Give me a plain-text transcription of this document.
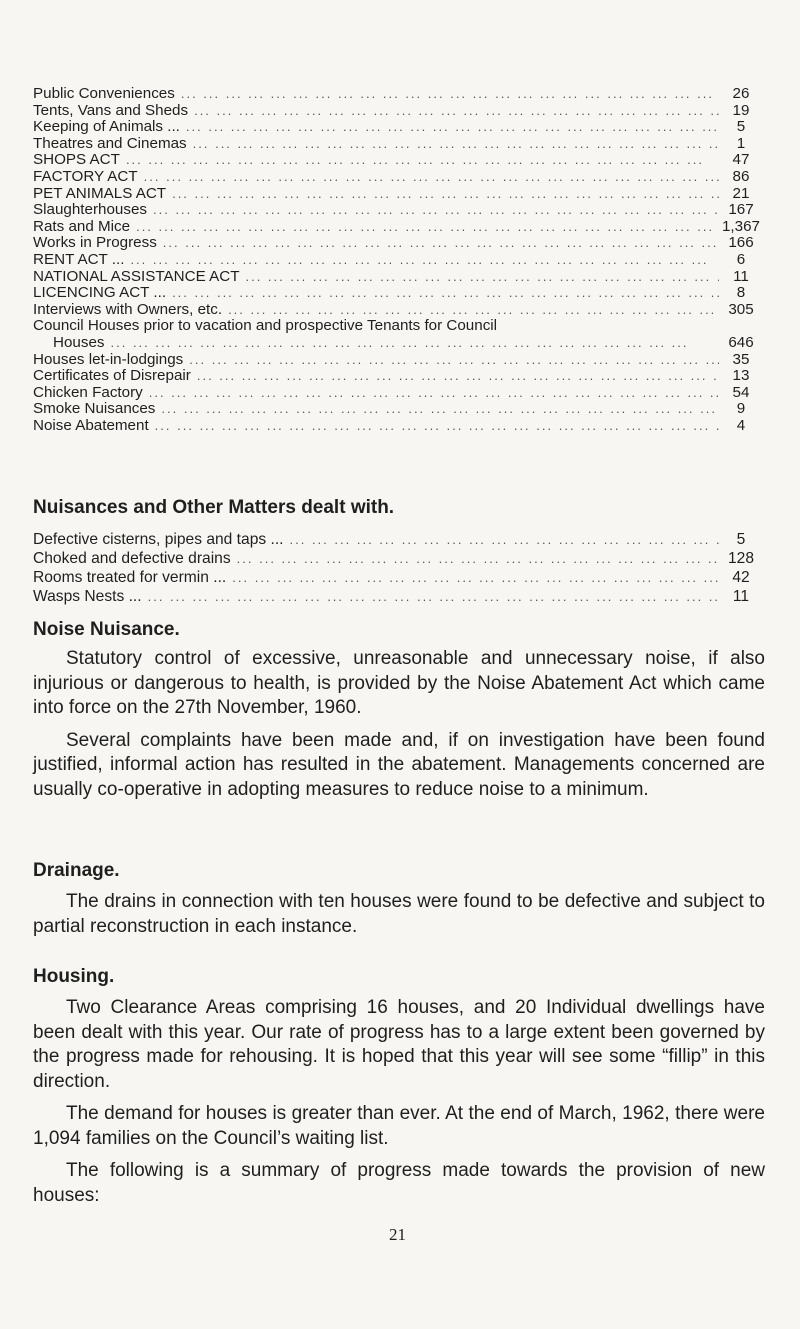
Public Conveniences ... .	26
Tents, Vans and Sheds ... .	19
Keeping of Animals ... ... .	5
Theatres and Cinemas ... .	1
SHOPS ACT ... .	47
FACTORY ACT ... .	86
PET ANIMALS ACT ... .	21
Slaughterhouses ... .	167
Rats and Mice ... .	1,367
Works in Progress ... .	166
RENT ACT ... ... .	6
NATIONAL ASSISTANCE ACT ... .	11
LICENCING ACT ... ... .	8
Interviews with Owners, etc. ... .	305
Council Houses prior to vacation and prospective Tenants for Council
Houses ... .	646
Houses let-in-lodgings ... .	35
Certificates of Disrepair ... .	13
Chicken Factory ... .	54
Smoke Nuisances ... .	9
Noise Abatement ... .	4
Nuisances and Other Matters dealt with.
Defective cisterns, pipes and taps ... ... .	5
Choked and defective drains ... .	128
Rooms treated for vermin ... ... .	42
Wasps Nests ... ... .	11
Noise Nuisance.

Statutory control of excessive, unreasonable and unnecessary noise, if also injurious or dangerous to health, is provided by the Noise Abatement Act which came into force on the 27th November, 1960.

Several complaints have been made and, if on investigation have been found justified, informal action has resulted in the abatement. Managements concerned are usually co-operative in adopting measures to reduce noise to a minimum.

Drainage.

The drains in connection with ten houses were found to be defective and subject to partial reconstruction in each instance.

Housing.

Two Clearance Areas comprising 16 houses, and 20 Individual dwellings have been dealt with this year. Our rate of progress has to a large extent been governed by the progress made for rehousing. It is hoped that this year will see some “fillip” in this direction.

The demand for houses is greater than ever. At the end of March, 1962, there were 1,094 families on the Council’s waiting list.

The following is a summary of progress made towards the provision of new houses:

21
